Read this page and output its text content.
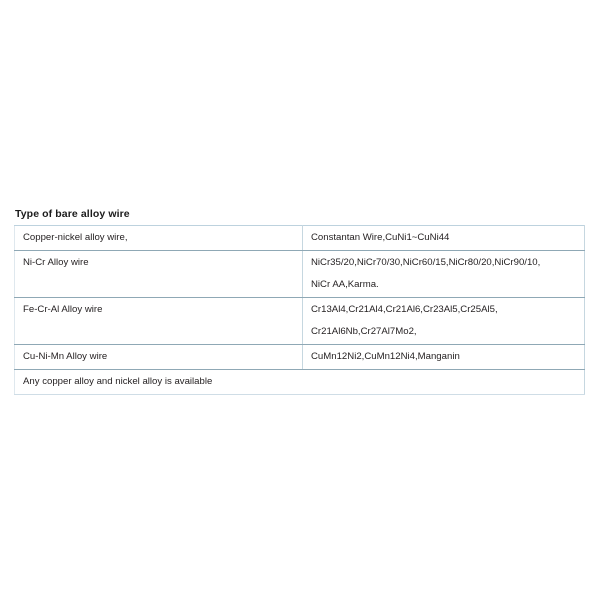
Type of bare alloy wire
Copper-nickel alloy wire,	Constantan Wire,CuNi1~CuNi44

Ni-Cr Alloy wire	NiCr35/20,NiCr70/30,NiCr60/15,NiCr80/20,NiCr90/10,
NiCr AA,Karma.

Fe-Cr-Al Alloy wire	Cr13Al4,Cr21Al4,Cr21Al6,Cr23Al5,Cr25Al5,
Cr21Al6Nb,Cr27Al7Mo2,

Cu-Ni-Mn Alloy wire	CuMn12Ni2,CuMn12Ni4,Manganin

Any copper alloy and nickel alloy is available	
